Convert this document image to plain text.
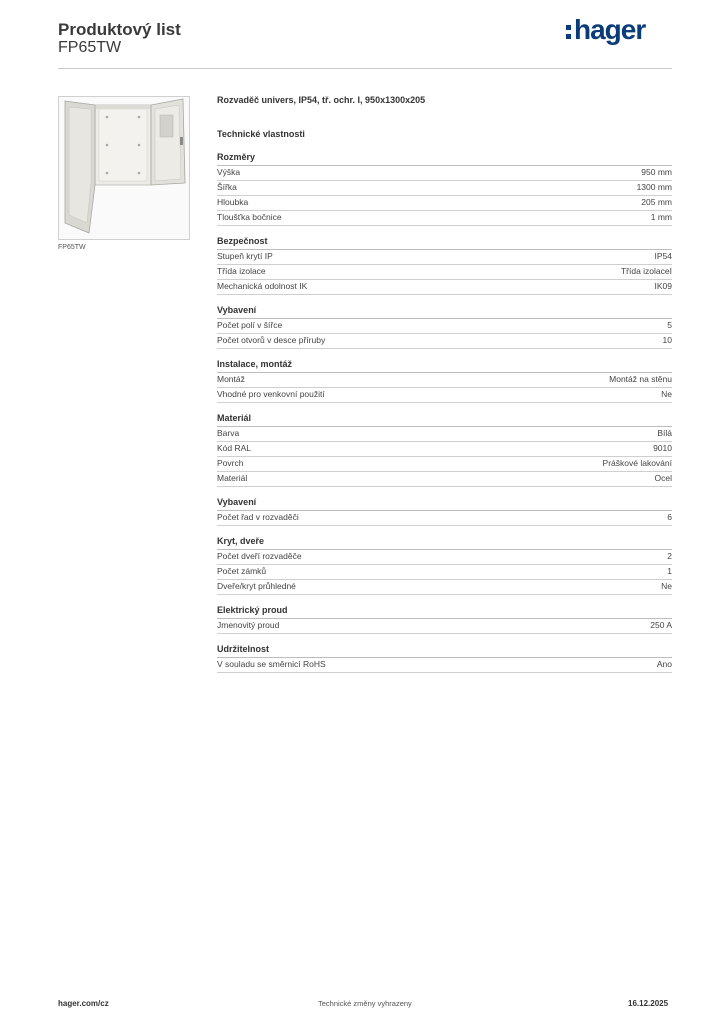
Produktový list
FP65TW
hager
FP65TW
Rozvaděč univers, IP54, tř. ochr. I, 950x1300x205
Technické vlastnosti
Rozměry
Výška	950 mm
Šířka	1300 mm
Hloubka	205 mm
Tloušťka bočnice	1 mm
Bezpečnost
Stupeň krytí IP	IP54
Třída izolace	Třída izolaceI
Mechanická odolnost IK	IK09
Vybavení
Počet polí v šířce	5
Počet otvorů v desce příruby	10
Instalace, montáž
Montáž	Montáž na stěnu
Vhodné pro venkovní použití	Ne
Materiál
Barva	Bílá
Kód RAL	9010
Povrch	Práškové lakování
Materiál	Ocel
Vybavení
Počet řad v rozvaděči	6
Kryt, dveře
Počet dveří rozvaděče	2
Počet zámků	1
Dveře/kryt průhledné	Ne
Elektrický proud
Jmenovitý proud	250 A
Udržitelnost
V souladu se směrnicí RoHS	Ano
hager.com/cz	Technické změny vyhrazeny	16.12.2025
